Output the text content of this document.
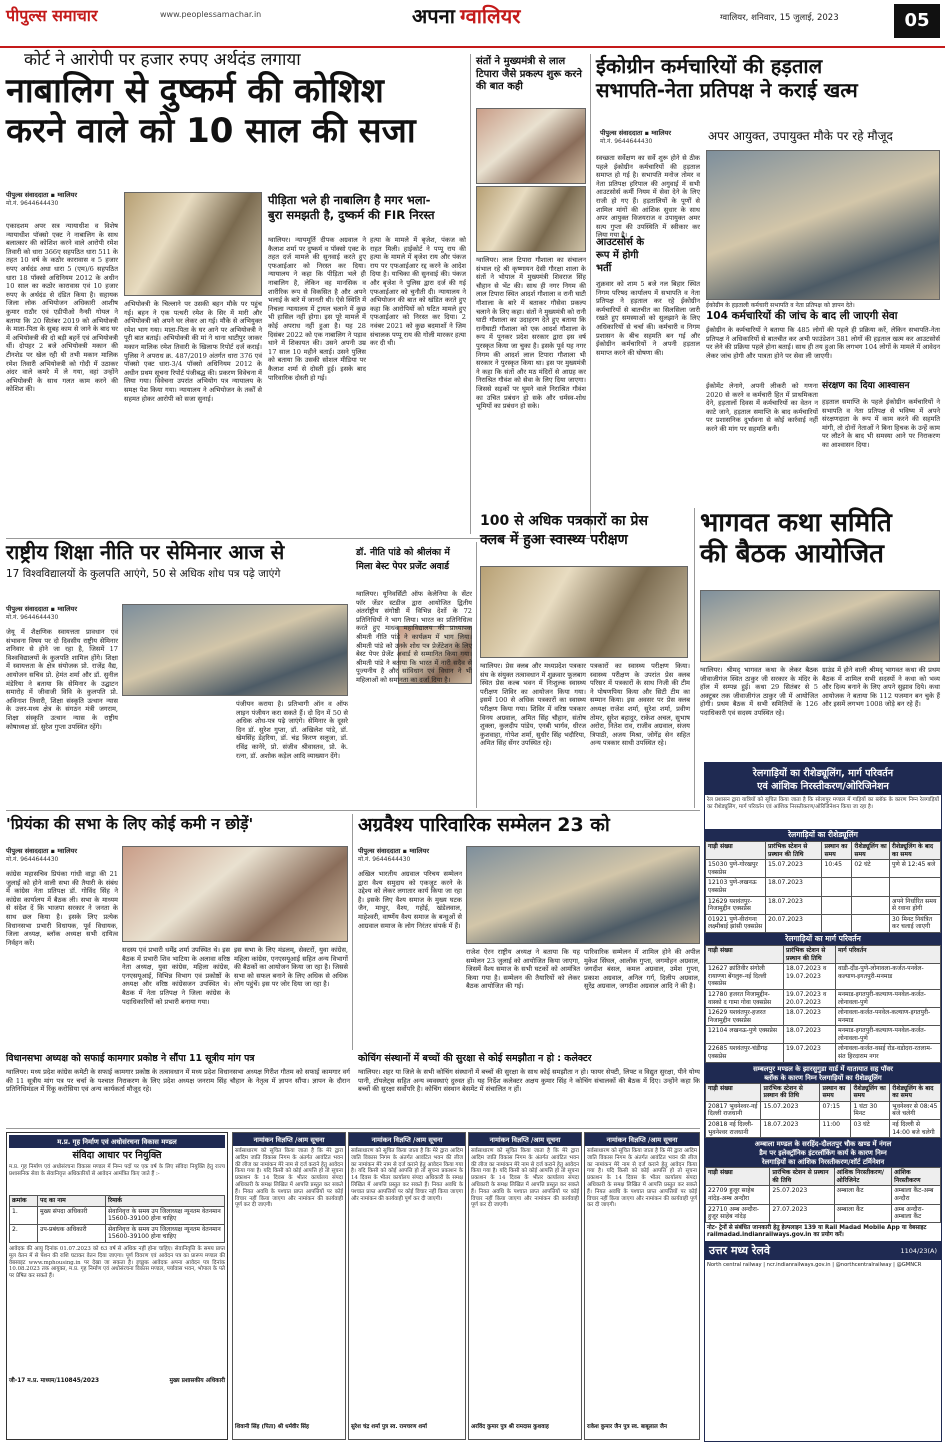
पीपुल्स समाचार	www.peoplessamachar.in	अपना ग्वालियर	ग्वालियर, शनिवार, 15 जुलाई, 2023	05
कोर्ट ने आरोपी पर हजार रुपए अर्थदंड लगाया
नाबालिग से दुष्कर्म की कोशिश
करने वाले को 10 साल की सजा
पीपुल्स संवाददाता ▪ ग्वालियर
मो.नं. 9644644430
एकादशम अपर सत्र न्यायाधीश व विशेष न्यायाधीश पॉक्सो एक्ट ने नाबालिग के साथ बलात्कार की कोशिश करने वाले आरोपी रमेश तिवारी को धारा 366ए सहपठित धारा 511 के तहत 10 वर्ष के कठोर कारावास व 5 हजार रुपए अर्थदंड अधा धारा 5 (एम)/6 सहपठित धारा 18 पॉक्सो अधिनियम 2012 के अधीन 10 साल का कठोर कारावास एवं 10 हजार रुपए के अर्थदंड से दंडित किया है। सहायक जिला लोक अभियोजन अधिकारी आशीष कुमार राठौर एवं एडीपीओ नैन्सी गोयल ने बताया कि 20 सितंबर 2019 को अभियोक्त्री के माता-पिता के सुबह काम से जाने के बाद घर में अभियोक्त्री की दो बड़ी बहनें एवं अभियोक्त्री थीं। दोपहर 2 बजे अभियोक्त्री मकान की टीनशेड पर खेल रही थी तभी मकान मालिक रमेश तिवारी अभियोक्त्री को गोदी में उठाकर अंदर वाले कमरे में ले गया, वहां उन्होंने अभियोक्त्री के साथ गलत काम करने की कोशिश की।
अभियोक्त्री के चिल्लाने पर उसकी बहन मौके पर पहुंच गई। बहन ने एक पत्थरी रमेश के सिर में मारी और अभियोक्त्री को अपने घर लेकर आ गई। मौके से अभियुक्त रमेश भाग गया। माता-पिता के घर आने पर अभियोक्त्री ने पूरी बात बताई। अभियोक्त्री की मां ने थाना थाटीपुर जाकर मकान मालिक रमेश तिवारी के खिलाफ रिपोर्ट दर्ज कराई। पुलिस ने अपराध क्र. 487/2019 अंतर्गत धारा 376 एवं पॉक्सो एक्ट धारा-3/4 पॉक्सो अधिनियम 2012 के अधीन प्रथम सूचना रिपोर्ट पंजीबद्ध की। प्रकरण विवेचना में लिया गया। विवेचना उपरांत अभियोग पत्र न्यायालय के समक्ष पेश किया गया। न्यायालय ने अभियोजन के तर्कों से सहमत होकर आरोपी को सजा सुनाई।
पीड़िता भले ही नाबालिग है मगर भला-
बुरा समझती है, दुष्कर्म की FIR निरस्त
ग्वालियर। न्यायमूर्ति दीपक अग्रवाल ने कैलाश शर्मा पर दुष्कर्म व पॉक्सो एक्ट के तहत दर्ज मामले की सुनवाई करते हुए एफआईआर को निरस्त कर दिया। न्यायालय ने कहा कि पीड़िता भले ही नाबालिग है, लेकिन वह मानसिक व शारीरिक रूप से विकसित है और अपने भलाई के बारे में जानती थी। ऐसे स्थिति में निचला न्यायालय में ट्रायल चलाने में कुछ भी हासिल नहीं होगा। इस पूरे मामले में कोई अपराध नहीं हुआ है। यह 28 दिसंबर 2022 को एक नाबालिग ने पड़ाव थाने में शिकायत की। उसने अपनी उम्र 17 साल 10 महीने बताई। उसने पुलिस को बताया कि उसकी सोशल मीडिया पर कैलाश शर्मा से दोस्ती हुई। इसके बाद पारिवारिक दोस्ती हो गई।
हत्या के मामले में बृजेश, पंकज को राहत मिली। हाईकोर्ट ने पप्पू राय की हत्या के मामले में बृजेश राय और पंकज राय पर एफआईआर रद्द करने के आदेश दिया है। याचिका की सुनवाई की। पंकज और बृजेश ने पुलिस द्वारा दर्ज की गई एफआईआर को चुनौती दी। न्यायालय ने अभियोजन की बात को खंडित करते हुए कहा कि आरोपियों को घटित मामले हुए एफआईआर को निरस्त कर दिया। 2 नवंबर 2021 को कुछ बदमाशों ने जिम संचालक पप्पू राय की गोली मारकर हत्या कर दी थी।
संतों ने मुख्यमंत्री से लाल टिपारा जैसे प्रकल्प शुरू करने की बात कही
ग्वालियर। लाल टिपारा गौशाला का संचालन संभाल रहे श्री कृष्णायन देसी गौरक्षा शाला के संतों ने भोपाल में मुख्यमंत्री शिवराज सिंह चौहान से भेंट की। साथ ही नगर निगम की लाल टिपारा स्थित आदर्श गौशाला व रानी घाटी गौशाला के बारे में बताकर गौसेवा प्रकल्प चलाने के लिए कहा। संतों ने मुख्यमंत्री को रानी घाटी गौशाला का उदाहरण देते हुए बताया कि रानीघाटी गौशाला को एक आदर्श गौशाला के रूप में पूनकर प्रदेश सरकार द्वारा इस वर्ष पुरस्कृत किया जा चुका है। इसके पूर्व यह नगर निगम की आदर्श लाल टिपारा गौशाला भी सरकार ने पुरस्कृत किया था। इस पर मुख्यमंत्री ने कहा कि संतों और मठ मंदिरों से आग्रह कर निराश्रित गौवंश को सेवा के लिए दिया जाएगा। जिससे सड़कों पर घूमने वाले निराश्रित गौवंश का उचित प्रबंधन हो सके और धर्मस्व-शोध भूमियों का प्रबंधन हो सके।
ईकोग्रीन कर्मचारियों की हड़ताल
सभापति-नेता प्रतिपक्ष ने कराई खत्म
पीपुल्स संवाददाता ▪ ग्वालियर
मो.नं. 9644644430	अपर आयुक्त, उपायुक्त मौके पर रहे मौजूद
स्वच्छता सर्वेक्षण का सर्वे शुरू होने से ठीक पहले ईकोग्रीन कर्मचारियों की हड़ताल समाप्त हो गई है। सभापति मनोज तोमर व नेता प्रतिपक्ष हरिपाल की अगुवाई में सभी आउटसोर्स कर्मी नियम में सेवा देने के लिए राजी हो गए हैं। हड़तालियों के पूर्णों से शामिल मांगों की आंशिक सुधार के साथ अपर आयुक्त विजयराज व उपायुक्त अमर सत्य गुप्ता की उपस्थिति में स्वीकार कर लिया गया है।
आउटसोर्स के रूप में होगी भर्ती
शुक्रवार को शाम 5 बजे नल बिहार स्थित निगम परिषद कार्यालय में सभापति व नेता प्रतिपक्ष ने हड़ताल कर रहे ईकोग्रीन कर्मचारियों से बातचीत का सिलसिला जारी रखते हुए समस्याओं को सुलझाने के लिए अधिकारियों से चर्चा की। कर्मचारी व निगम प्रशासन के बीच सहमति बन गई और ईकोग्रीन कर्मचारियों ने अपनी हड़ताल समाप्त करने की घोषणा की।
ईकोग्रीन के हड़ताली कर्मचारी सभापति व नेता प्रतिपक्ष को ज्ञापन देते।
104 कर्मचारियों की जांच के बाद ली जाएगी सेवा
ईकोग्रीन के कर्मचारियों ने बताया कि 485 लोगों की पहले ही प्रक्रिया करें, लेकिन सभापति-नेता प्रतिपक्ष ने अधिकारियों से बातचीत कर अभी फाउंडेशन 381 लोगों की हड़ताल खत्म कर आउटसोर्स पर लेने की प्रक्रिया पहले होना बताई। साथ ही तय हुआ कि लगभग 104 लोगों के मामले में आवेदन लेकर जांच होगी और पात्रता होने पर सेवा ली जाएगी।
ईकोमेंट लेनागे, अपनी लीकरी को गणना 2020 से करने व कर्मचारी हित में प्राथमिकता देने, हड़तालों दिवस में कर्मचारियों का वेतन न काटे जाने, हड़ताल समाप्ति के बाद कर्मचारियों पर प्रशासनिक दुर्भावना से कोई कार्रवाई नहीं करने की मांग पर सहमति बनी।
संरक्षण का दिया आश्वासन
हड़ताल समाप्ति के पहले ईकोग्रीन कर्मचारियों ने सभापति व नेता प्रतिपक्ष से भविष्य में अपने संरक्षणदाता के रूप में काम करने की सहमति मांगी, तो दोनों नेताओं ने बिना हिचक के उन्हें काम पर लौटने के बाद भी समस्या आने पर निराकरण का आश्वासन दिया।
राष्ट्रीय शिक्षा नीति पर सेमिनार आज से
17 विश्वविद्यालयों के कुलपति आएंगे, 50 से अधिक शोध पत्र पढ़े जाएंगे
पीपुल्स संवाददाता ▪ ग्वालियर
मो.नं. 9644644430
जेयू में शैक्षणिक स्वायत्तता प्रावधान एवं संभावना विषय पर दो दिवसीय राष्ट्रीय सेमिनार शनिवार से होने जा रहा है, जिसमें 17 विश्वविद्यालयों के कुलपति शामिल होंगे। शिक्षा में स्वायत्तता के क्षेत्र संयोजक प्रो. राजेंद्र वैद्य, आयोजन सचिव प्रो. हेमंत शर्मा और डॉ. सुनील मंडेरिया ने बताया कि सेमिनार के उद्घाटन समारोह में जीवाजी विवि के कुलपति प्रो. अविनाश तिवारी, शिक्षा संस्कृति उत्थान न्यास के उत्तर-मध्य क्षेत्र के संगठन मंत्री जगराम, शिक्षा संस्कृति उत्थान न्यास के राष्ट्रीय कोषाध्यक्ष डॉ. सुरेश गुप्ता उपस्थित रहेंगे।
पंजीयन कराया है। प्रतिभागी ऑन व ऑफ लाइन पंजीयन करा सकते हैं। दो दिन में 50 से अधिक शोध-पत्र पढ़े जाएंगे। सेमिनार के दूसरे दिन डॉ. सुरेश गुप्ता, डॉ. अखिलेश पांडे, डॉ. खेमसिंह डेहरिया, डॉ. चंद्र किरण सलूजा, डॉ. रविंद्र कानेरे, प्रो. संजीव श्रीवास्तव, प्रो. के. रत्ना, डॉ. अशोक कड़ेल आदि व्याख्यान देंगे।
डॉ. नीति पांडे को श्रीलंका में
मिला बेस्ट पेपर प्रजेंट अवार्ड
ग्वालियर। यूनिवर्सिटी ऑफ केलेनिया के सेंटर फॉर जेंडर स्टडीज द्वारा आयोजित द्वितीय अंतर्राष्ट्रीय संगोष्ठी में विभिन्न देशों के 72 प्रतिनिधियों ने भाग लिया। भारत का प्रतिनिधित्व करते हुए माधव महाविद्यालय की प्राध्यापक श्रीमती नीति पांडे ने कार्यक्रम में भाग लिया। श्रीमती पांडे को उनके शोध पत्र प्रेजेंटेशन के लिए बेस्ट पेपर प्रेजेंट अवार्ड से सम्मानित किया गया। श्रीमती पांडे ने बताया कि भारत में नारी सदैव से पूज्यनीय है और सांविधान एवं विधान ने भी महिलाओं को समानता का दर्जा दिया है।
100 से अधिक पत्रकारों का प्रेस
क्लब में हुआ स्वास्थ्य परीक्षण
ग्वालियर। प्रेस क्लब और मध्यप्रदेश पत्रकार संघ के संयुक्त तत्वावधान में शुक्रवार फूलबाग स्थित प्रेस कल्ब भवन में निःशुल्क स्वास्थ्य परीक्षण शिविर का आयोजन किया गया। इसमें 100 से अधिक पत्रकारों का स्वास्थ्य परीक्षण किया गया। शिविर में वरिष्ठ पत्रकार विनय अग्रवाल, अमित सिंह चौहान, संतोष शुक्ला, कुलदीप पांडेय, एनबी भार्गव, धीरज कुशवाहा, गोपेश शर्मा, सुधीर सिंह भदौरिया, अमित सिंह सेंगर उपस्थित रहे।
पत्रकारों का स्वास्थ्य परीक्षण किया। स्वास्थ्य परीक्षण के उपरांत प्रेस क्लब परिसर में पत्रकारों के साथ निजी की टीम ने पोषणपिया किया और सिटी टीम का सम्मान किया। इस अवसर पर प्रेस क्लब अध्यक्ष राजेश शर्मा, सुरेश शर्मा, प्रवीण तोमर, सुरेश बहादुर, राकेश अचल, सुभाष अरोरा, नितेश राव, राजीव अग्रवाल, संजय त्रिपाठी, अजय मिश्रा, जोगेंद्र सेन सहित अन्य पत्रकार साथी उपस्थित रहे।
भागवत कथा समिति
की बैठक आयोजित
ग्वालियर। श्रीमद् भागवत कथा के लेकर बैठक जीवाजीगंज स्थित ठाकुर जी सरकार के मंदिर के हॉल में सम्पन्न हुई। कथा 29 सितंबर से 5 अक्टूबर तक जीवाजीगंज ठाकुर जी में आयोजित होगी। प्रथम बैठक में सभी समितियों के 126 पदाधिकारी एवं सदस्य उपस्थित रहे।
ग्राउंड में होने वाली श्रीमद् भागवत कथा की प्रथम बैठक में शामिल सभी सदस्यों ने कथा को भव्य और दिव्य बनाने के लिए अपने सुझाव दिये। कथा आयोजक ने बताया कि 112 यजमान बन चुके हैं और इसमें लगभग 1008 जोड़े बन रहे हैं।
'प्रियंका की सभा के लिए कोई कमी न छोड़ें'
पीपुल्स संवाददाता ▪ ग्वालियर
मो.नं. 9644644430
कांग्रेस महासचिव प्रियंका गांधी वाड्रा की 21 जुलाई को होने वाली सभा की तैयारी के संबंध में कांग्रेस नेता प्रतिपक्ष डॉ. गोविंद सिंह ने कांग्रेस कार्यालय में बैठक ली। सभा के माध्यम से संदेश दें कि भाजपा सरकार ने जनता के साथ छल किया है। इसके लिए प्रत्येक विधानसभा प्रभारी विधायक, पूर्व विधायक, जिला अध्यक्ष, ब्लॉक अध्यक्ष सभी दायित्व निर्वहन करें।
सदस्य एवं प्रभारी धर्मेंद्र शर्मा उपस्थित थे। इस बैठक में प्रभारी शिव भाटिया के अलावा वरिष्ठ नेता अध्यक्ष, युवा कांग्रेस, महिला कांग्रेस, एनएसयूआई, विभिन्न विभाग एवं प्रकोष्ठों के अध्यक्ष और वरिष्ठ कांग्रेसजन उपस्थित थे। बैठक में नेता प्रतिपक्ष ने जिला कांग्रेस के पदाधिकारियों को प्रभारी बनाया गया।
इस सभा के लिए मंडलम्, सेक्टरों, युवा कांग्रेस, महिला कांग्रेस, एनएसयूआई सहित अन्य विभागों की बैठकों का आयोजन किया जा रहा है। जिससे सभा को सफल बनाने के लिए अधिक से अधिक लोग पहुंचें। इस पर जोर दिया जा रहा है।
अग्रवैश्य पारिवारिक सम्मेलन 23 को
पीपुल्स संवाददाता ▪ ग्वालियर
मो.नं. 9644644430
अखिल भारतीय अग्रवाल परिचय सम्मेलन द्वारा वैश्य समुदाय को एकजुट करने के उद्देश्य को लेकर लगातार कार्य किया जा रहा है। इसके लिए वैश्य समाज के मुख्य घटक जैन, माथुर, वैश्य, गहोई, खंडेलवाल, माहेश्वरी, वार्ष्णेय वैश्य समाज के बन्धुओं से आग्रवाल समाज के लोग निरंतर संपर्क में हैं।
राजेश ऐरन राष्ट्रीय अध्यक्ष ने बताया कि यह सम्मेलन 23 जुलाई को आयोजित किया जाएगा, जिसमें वैश्य समाज के सभी घटकों को आमंत्रित किया गया है। सम्मेलन की तैयारियों को लेकर बैठक आयोजित की गई।
पारिवारिक सम्मेलन में शामिल होने की अपील मुकेश सिंघल, आलोक गुप्ता, जगमोहन अग्रवाल, जगदीश बंसल, कमल अग्रवाल, उमेश गुप्ता, प्रकाश अग्रवाल, अनिल गर्ग, दिलीप अग्रवाल, सुरेंद्र अग्रवाल, जगदीश अग्रवाल आदि ने की है।
विधानसभा अध्यक्ष को सफाई कामगार प्रकोष्ठ ने सौंपा 11 सूत्रीय मांग पत्र
ग्वालियर। मध्य प्रदेश कांग्रेस कमेटी के सफाई कामगार प्रकोष्ठ के तत्वावधान में मध्य प्रदेश विधानसभा अध्यक्ष गिरीश गौतम को सफाई कामगार वर्ग की 11 सूत्रीय मांग पत्र पर चर्चा के पश्चात निराकरण के लिए प्रदेश अध्यक्ष जनराम सिंह चौहान के नेतृत्व में ज्ञापन सौंपा। ज्ञापन के दौरान प्रतिनिधिमंडल में रिंकू करोसिया एवं अन्य कार्यकर्ता मौजूद रहे।
कोचिंग संस्थानों में बच्चों की सुरक्षा से कोई समझौता न हो : कलेक्टर
ग्वालियर। शहर या जिले के सभी कोचिंग संस्थानों में बच्चों की सुरक्षा के साथ कोई समझौता न हो। फायर सेफ्टी, लिफ्ट व विद्युत सुरक्षा, पीने योग्य पानी, टॉयलेट्स सहित अन्य व्यवस्थाएं दुरुस्त हों। यह निर्देश कलेक्टर अक्षय कुमार सिंह ने कोचिंग संचालकों की बैठक में दिए। उन्होंने कहा कि बच्चों की सुरक्षा सर्वोपरि है। कोचिंग संस्थान बेसमेंट में संचालित न हों।
म.प्र. गृह निर्माण एवं अधोसंरचना विकास मण्डल
संविदा आधार पर नियुक्ति
म.प्र. गृह निर्माण एवं अधोसंरचना विकास मण्डल में निम्न पदों पर एक वर्ष के लिए संविदा नियुक्ति हेतु राज्य प्रशासनिक सेवा के सेवानिवृत्त अधिकारियों से आवेदन आमंत्रित किए जाते हैं :-
क्रमांक	पद का नाम	रिमार्क
1.	मुख्य संपदा अधिकारी	सेवानिवृत्त के समय उप जिलाध्यक्ष न्यूनतम वेतनमान 15600-39100 होना चाहिए
2.	उप-प्रबंधक अधिकारी	सेवानिवृत्त के समय उप जिलाध्यक्ष न्यूनतम वेतनमान 15600-39100 होना चाहिए
आवेदक की आयु दिनांक 01.07.2023 को 63 वर्ष से अधिक नहीं होना चाहिए। सेवानिवृत्ति के समय प्राप्त मूल वेतन में से पेंशन की राशि घटाकर वेतन दिया जाएगा। पूर्ण विवरण एवं आवेदन पत्र का प्रारूप मण्डल की वेबसाइट www.mphousing.in पर देखा जा सकता है। इच्छुक आवेदक अपना आवेदन पत्र दिनांक 10.08.2023 तक आयुक्त, म.प्र. गृह निर्माण एवं अधोसंरचना विकास मण्डल, पर्यावास भवन, भोपाल के पते पर प्रेषित कर सकते हैं।
जी-17 म.प्र. माध्यम/110845/2023	मुख्य प्रशासकीय अधिकारी
नामांकन विज्ञप्ति /आम सूचना
सर्वसाधारण को सूचित किया जाता है कि मेरे द्वारा आदिम जाति विकास निगम के अंतर्गत आवंटित भवन की लीज का नामांकन मेरे नाम से दर्ज कराने हेतु आवेदन किया गया है। यदि किसी को कोई आपत्ति हो तो सूचना प्रकाशन के 14 दिवस के भीतर कार्यालय संपदा अधिकारी के समक्ष लिखित में आपत्ति प्रस्तुत कर सकते हैं। नियत अवधि के पश्चात प्राप्त आपत्तियों पर कोई विचार नहीं किया जाएगा और नामांकन की कार्यवाही पूर्ण कर दी जाएगी।
शिवानी सिंह (पिता) श्री धर्मवीर सिंह
नामांकन विज्ञप्ति /आम सूचना
सर्वसाधारण को सूचित किया जाता है कि मेरे द्वारा आदिम जाति विकास निगम के अंतर्गत आवंटित भवन की लीज का नामांकन मेरे नाम से दर्ज कराने हेतु आवेदन किया गया है। यदि किसी को कोई आपत्ति हो तो सूचना प्रकाशन के 14 दिवस के भीतर कार्यालय संपदा अधिकारी के समक्ष लिखित में आपत्ति प्रस्तुत कर सकते हैं। नियत अवधि के पश्चात प्राप्त आपत्तियों पर कोई विचार नहीं किया जाएगा और नामांकन की कार्यवाही पूर्ण कर दी जाएगी।
सुरेश चंद्र शर्मा पुत्र स्व. रामचरण शर्मा
नामांकन विज्ञप्ति /आम सूचना
सर्वसाधारण को सूचित किया जाता है कि मेरे द्वारा आदिम जाति विकास निगम के अंतर्गत आवंटित भवन की लीज का नामांकन मेरे नाम से दर्ज कराने हेतु आवेदन किया गया है। यदि किसी को कोई आपत्ति हो तो सूचना प्रकाशन के 14 दिवस के भीतर कार्यालय संपदा अधिकारी के समक्ष लिखित में आपत्ति प्रस्तुत कर सकते हैं। नियत अवधि के पश्चात प्राप्त आपत्तियों पर कोई विचार नहीं किया जाएगा और नामांकन की कार्यवाही पूर्ण कर दी जाएगी।
अरविंद कुमार पुत्र श्री रामदास कुशवाह
नामांकन विज्ञप्ति /आम सूचना
सर्वसाधारण को सूचित किया जाता है कि मेरे द्वारा आदिम जाति विकास निगम के अंतर्गत आवंटित भवन की लीज का नामांकन मेरे नाम से दर्ज कराने हेतु आवेदन किया गया है। यदि किसी को कोई आपत्ति हो तो सूचना प्रकाशन के 14 दिवस के भीतर कार्यालय संपदा अधिकारी के समक्ष लिखित में आपत्ति प्रस्तुत कर सकते हैं। नियत अवधि के पश्चात प्राप्त आपत्तियों पर कोई विचार नहीं किया जाएगा और नामांकन की कार्यवाही पूर्ण कर दी जाएगी।
राकेश कुमार जैन पुत्र स्व. बाबूलाल जैन
रेलगाड़ियों का रीशेड्यूलिंग, मार्ग परिवर्तन
एवं आंशिक निरस्तीकरण/ओरिजिनेशन
रेल प्रशासन द्वारा यात्रियों को सूचित किया जाता है कि सोलापुर मण्डल में गाड़ियों का ब्लॉक के कारण निम्न रेलगाड़ियों का रीशेड्यूलिंग, मार्ग परिवर्तन एवं आंशिक निरस्तीकरण/ओरिजिनेशन किया जा रहा है।
रेलगाड़ियों का रीशेड्यूलिंग
गाड़ी संख्या	प्रारंभिक स्टेशन से प्रस्थान की तिथि	प्रस्थान का समय	रीशेड्यूलिंग का समय	रीशेड्यूलिंग के बाद का समय
15030 पुणे-गोरखपुर एक्सप्रेस	15.07.2023	10:45	02 घंटे	पुणे से 12:45 बजे
12103 पुणे-लखनऊ एक्सप्रेस	18.07.2023			
12629 यशवंतपुर-निजामुद्दीन एक्सप्रेस	18.07.2023			अपने निर्धारित समय से रवाना होगी
01921 पुणे-वीरांगना लक्ष्मीबाई झांसी एक्सप्रेस	20.07.2023			30 मिनट नियंत्रित कर चलाई जाएगी
रेलगाड़ियों का मार्ग परिवर्तन
गाड़ी संख्या	प्रारंभिक स्टेशन से प्रस्थान की तिथि	मार्ग परिवर्तन
12627 क्रांतिवीर संगोली रायाण्णा बेंगलुरु-नई दिल्ली एक्सप्रेस	18.07.2023 व 19.07.2023	वाडी-दौंड-पुणे-लोनावला-कर्जत-पनवेल-कल्याण-इगतपुरी-मनमाड
12780 हजरत निजामुद्दीन-वास्को द गामा गोवा एक्सप्रेस	19.07.2023 व 20.07.2023	मनमाड-इगतपुरी-कल्याण-पनवेल-कर्जत-लोनावला-पुणे
12629 यशवंतपुर-हजरत निजामुद्दीन एक्सप्रेस	18.07.2023	लोनावला-कर्जत-पनवेल-कल्याण-इगतपुरी-मनमाड
12104 लखनऊ-पुणे एक्सप्रेस	18.07.2023	मनमाड-इगतपुरी-कल्याण-पनवेल-कर्जत-लोनावला-पुणे
22685 यशवंतपुर-चंडीगढ़ एक्सप्रेस	19.07.2023	लोनावला-कर्जत-वसई रोड-वडोदरा-रतलाम-संत हिरदाराम नगर
सम्बलपुर मण्डल के झारसुगुडा यार्ड में यातायात सह पॉवर
ब्लॉक के कारण निम्न रेलगाड़ियों का रीशेड्यूलिंग
गाड़ी संख्या	प्रारंभिक स्टेशन से प्रस्थान की तिथि	प्रस्थान का समय	रीशेड्यूलिंग का समय	रीशेड्यूलिंग के बाद का समय
20817 भुवनेश्वर-नई दिल्ली राजधानी	15.07.2023	07:15	1 घंटा 30 मिनट	भुवनेश्वर से 08:45 बजे चलेगी
20818 नई दिल्ली-भुवनेश्वर राजधानी	18.07.2023	11:00	03 घंटे	नई दिल्ली से 14:00 बजे चलेगी
अम्बाला मण्डल के सरहिंद-दौलतपुर चौक खण्ड में नंगल
डैम पर इलेक्ट्रॉनिक इंटरलॉकिंग कार्य के कारण निम्न
रेलगाड़ियों का आंशिक निरस्तीकरण/शॉर्ट टर्मिनेशन
गाड़ी संख्या	प्रारंभिक स्टेशन से प्रस्थान की तिथि	आंशिक निरस्तीकरण/ओरिजिनेट	आंशिक निरस्तीकरण
22709 हुजूर साहेब नांदेड़-अम्ब अन्दौरा	25.07.2023	अम्बाला कैंट	अम्बाला कैंट-अम्ब अन्दौरा
22710 अम्ब अन्दौरा-हुजूर साहेब नांदेड़	27.07.2023	अम्बाला कैंट	अम्ब अन्दौरा-अम्बाला कैंट
नोट- ट्रेनों से संबंधित जानकारी हेतु हेल्पलाइन 139 या Rail Madad Mobile App या वेबसाइट railmadad.indianrailways.gov.in का प्रयोग करें।
उत्तर मध्य रेलवे	1104/23(A)
North central railway | ncr.indianrailways.gov.in | @northcentralrailway | @GMNCR
